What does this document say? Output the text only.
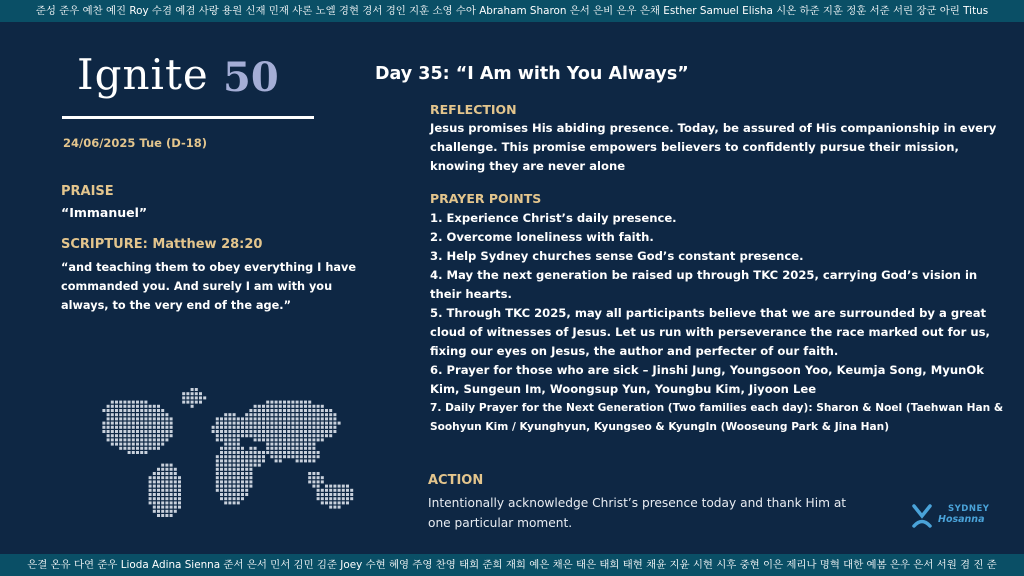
준성 준우 예찬 예진 Roy 수겸 예겸 사랑 용원 신재 민재 샤론 노엘 경현 경서 경인 지훈 소영 수아 Abraham Sharon 은서 은비 은우 은채 Esther Samuel Elisha 시온 하준 지훈 정훈 서준 서린 장군 아린 Titus
Ignite 50
24/06/2025 Tue (D-18)
PRAISE
“Immanuel”
SCRIPTURE: Matthew 28:20
“and teaching them to obey everything I have commanded you. And surely I am with you always, to the very end of the age.”
Day 35: “I Am with You Always”
REFLECTION
Jesus promises His abiding presence. Today, be assured of His companionship in every challenge. This promise empowers believers to confidently pursue their mission, knowing they are never alone
PRAYER POINTS
1. Experience Christ’s daily presence.
2. Overcome loneliness with faith.
3. Help Sydney churches sense God’s constant presence.
4. May the next generation be raised up through TKC 2025, carrying God’s vision in their hearts.
5. Through TKC 2025, may all participants believe that we are surrounded by a great cloud of witnesses of Jesus. Let us run with perseverance the race marked out for us, fixing our eyes on Jesus, the author and perfecter of our faith.
6. Prayer for those who are sick – Jinshi Jung, Youngsoon Yoo, Keumja Song, MyunOk Kim, Sungeun Im, Woongsup Yun, Youngbu Kim, Jiyoon Lee
7. Daily Prayer for the Next Generation (Two families each day): Sharon & Noel (Taehwan Han & Soohyun Kim / Kyunghyun, Kyungseo & KyungIn (Wooseung Park & Jina Han)
ACTION
Intentionally acknowledge Christ’s presence today and thank Him at one particular moment.
SYDNEY
Hosanna
은결 온유 다연 준우 Lioda Adina Sienna 준서 은서 민서 김민 김준 Joey 수현 혜영 주영 찬영 태희 준희 재희 예은 채은 태은 태희 태현 채윤 지윤 시현 시후 중현 이은 제리나 명혁 대한 예봄 은우 은서 서원 겸 진 준
